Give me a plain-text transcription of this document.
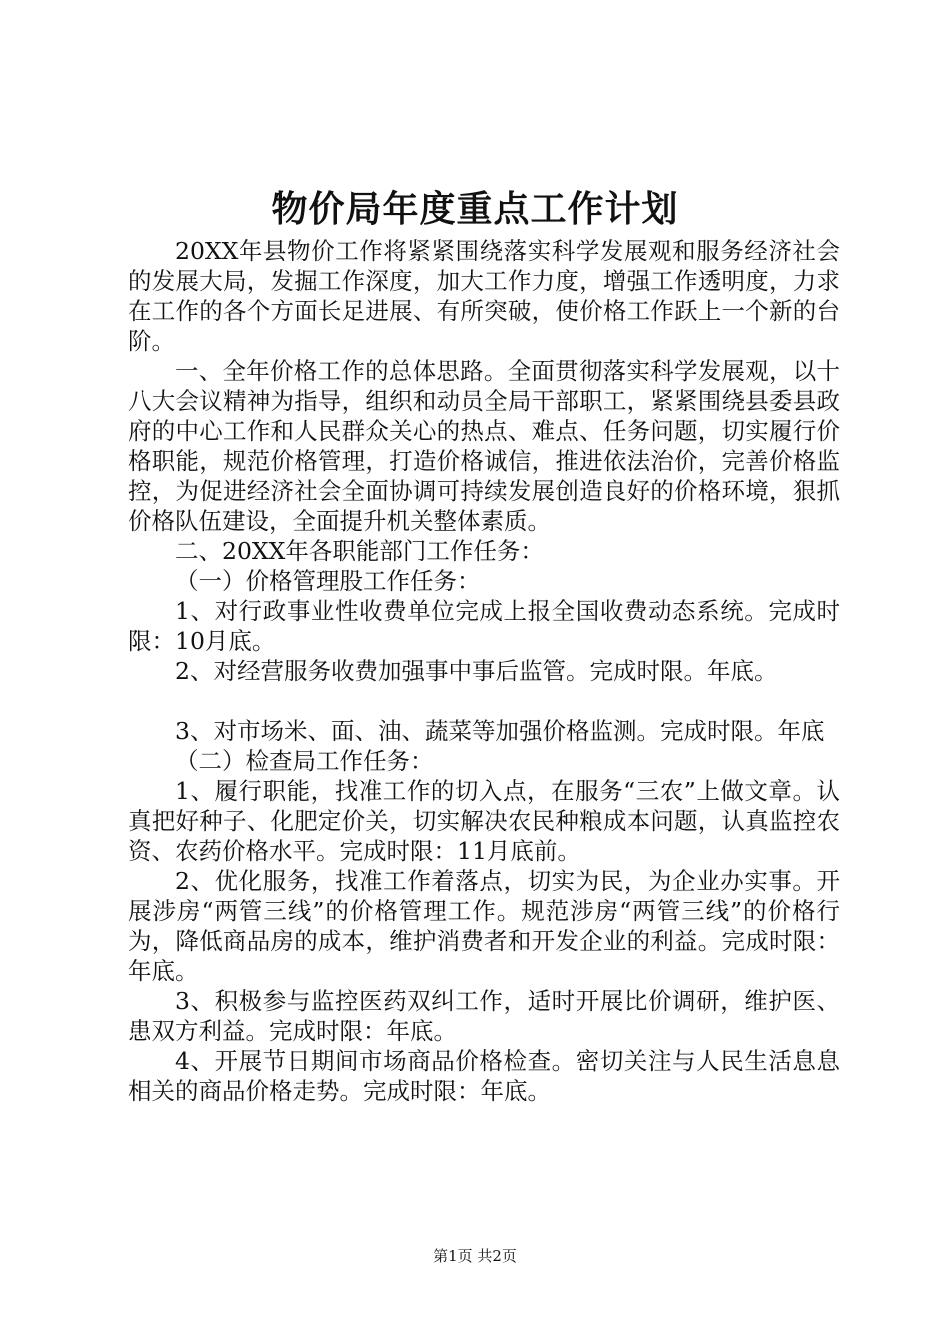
物价局年度重点工作计划

20XX年县物价工作将紧紧围绕落实科学发展观和服务经济社会的发展大局，发掘工作深度，加大工作力度，增强工作透明度，力求在工作的各个方面长足进展、有所突破，使价格工作跃上一个新的台阶。

一、全年价格工作的总体思路。全面贯彻落实科学发展观，以十八大会议精神为指导，组织和动员全局干部职工，紧紧围绕县委县政府的中心工作和人民群众关心的热点、难点、任务问题，切实履行价格职能，规范价格管理，打造价格诚信，推进依法治价，完善价格监控，为促进经济社会全面协调可持续发展创造良好的价格环境，狠抓价格队伍建设，全面提升机关整体素质。

二、20XX年各职能部门工作任务：

（一）价格管理股工作任务：

1、对行政事业性收费单位完成上报全国收费动态系统。完成时限：10月底。

2、对经营服务收费加强事中事后监管。完成时限。年底。

3、对市场米、面、油、蔬菜等加强价格监测。完成时限。年底

（二）检查局工作任务：

1、履行职能，找准工作的切入点，在服务“三农”上做文章。认真把好种子、化肥定价关，切实解决农民种粮成本问题，认真监控农资、农药价格水平。完成时限：11月底前。

2、优化服务，找准工作着落点，切实为民，为企业办实事。开展涉房“两管三线”的价格管理工作。规范涉房“两管三线”的价格行为，降低商品房的成本，维护消费者和开发企业的利益。完成时限：年底。

3、积极参与监控医药双纠工作，适时开展比价调研，维护医、患双方利益。完成时限：年底。

4、开展节日期间市场商品价格检查。密切关注与人民生活息息相关的商品价格走势。完成时限：年底。

第1页 共2页
